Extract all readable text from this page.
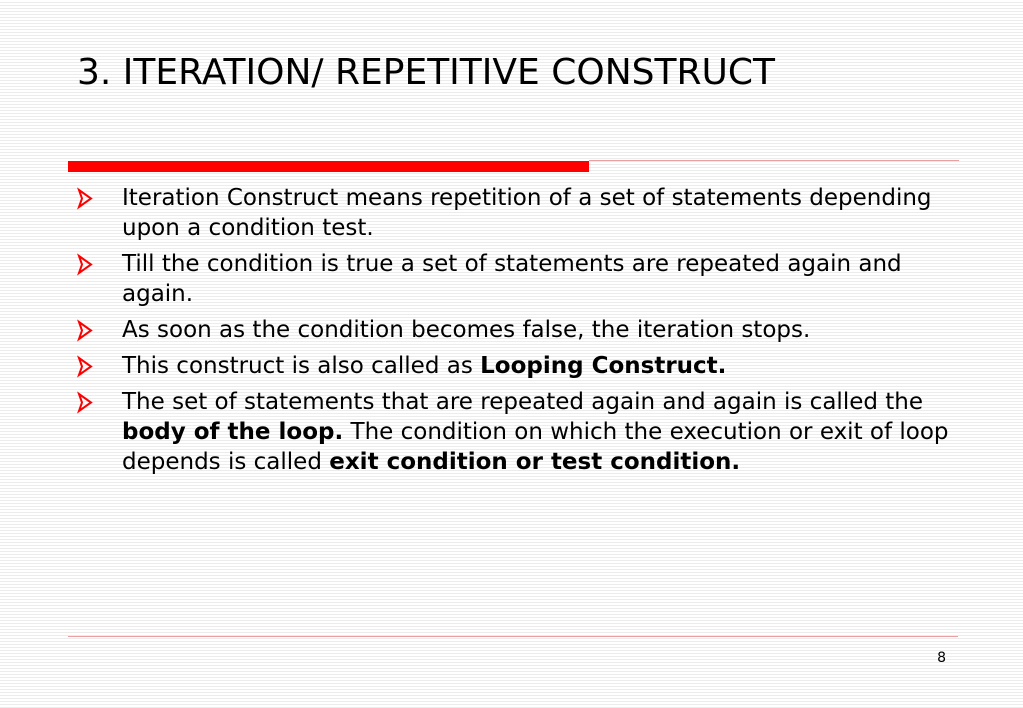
3. ITERATION/ REPETITIVE CONSTRUCT
Iteration Construct means repetition of a set of statements depending upon a condition test.
Till the condition is true a set of statements are repeated again and again.
As soon as the condition becomes false, the iteration stops.
This construct is also called as Looping Construct.
The set of statements that are repeated again and again is called the body of the loop. The condition on which the execution or exit of loop depends is called exit condition or test condition.
8
